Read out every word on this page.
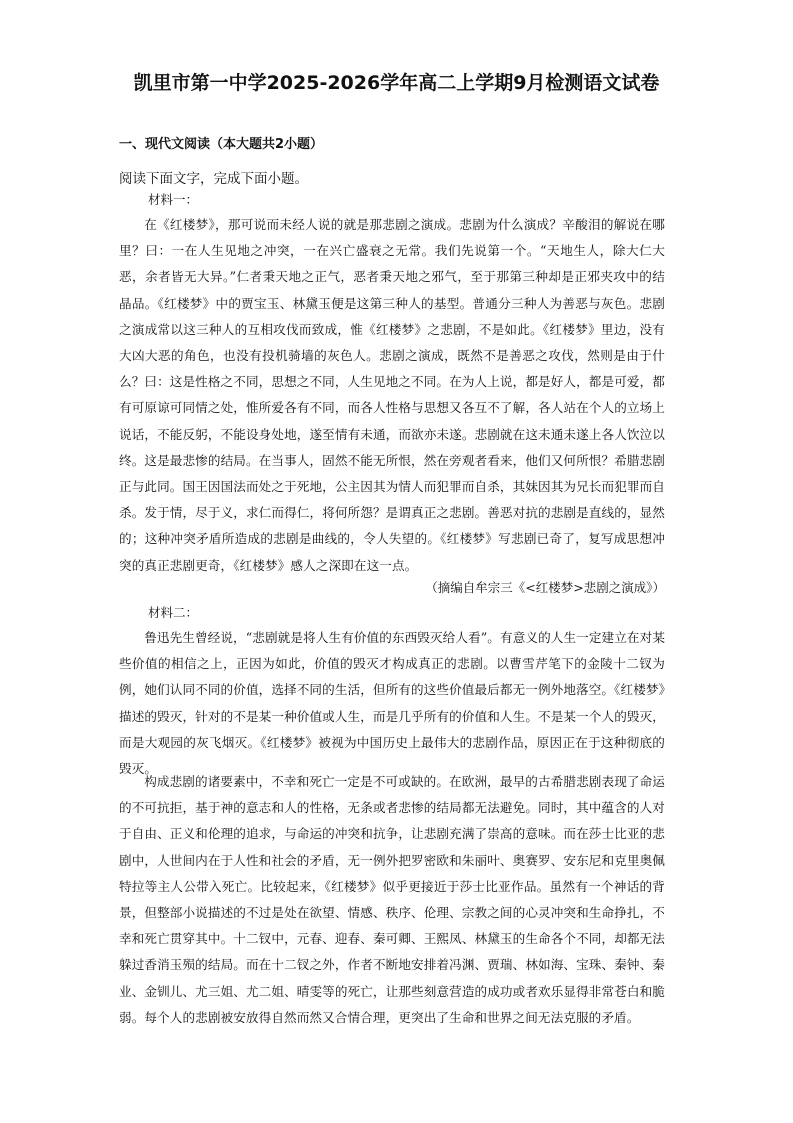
凯里市第一中学2025-2026学年高二上学期9月检测语文试卷
一、现代文阅读（本大题共2小题）

阅读下面文字，完成下面小题。

材料一：

在《红楼梦》，那可说而未经人说的就是那悲剧之演成。悲剧为什么演成？辛酸泪的解说在哪里？曰：一在人生见地之冲突，一在兴亡盛衰之无常。我们先说第一个。“天地生人，除大仁大恶，余者皆无大异。”仁者秉天地之正气，恶者秉天地之邪气，至于那第三种却是正邪夹攻中的结晶品。《红楼梦》中的贾宝玉、林黛玉便是这第三种人的基型。普通分三种人为善恶与灰色。悲剧之演成常以这三种人的互相攻伐而致成，惟《红楼梦》之悲剧，不是如此。《红楼梦》里边，没有大凶大恶的角色，也没有投机骑墙的灰色人。悲剧之演成，既然不是善恶之攻伐，然则是由于什么？曰：这是性格之不同，思想之不同，人生见地之不同。在为人上说，都是好人，都是可爱，都有可原谅可同情之处，惟所爱各有不同，而各人性格与思想又各互不了解，各人站在个人的立场上说话，不能反躬，不能设身处地，遂至情有未通，而欲亦未遂。悲剧就在这未通未遂上各人饮泣以终。这是最悲惨的结局。在当事人，固然不能无所恨，然在旁观者看来，他们又何所恨？希腊悲剧正与此同。国王因国法而处之于死地，公主因其为情人而犯罪而自杀，其妹因其为兄长而犯罪而自杀。发于情，尽于义，求仁而得仁，将何所怨？是谓真正之悲剧。善恶对抗的悲剧是直线的，显然的；这种冲突矛盾所造成的悲剧是曲线的，令人失望的。《红楼梦》写悲剧已奇了，复写成思想冲突的真正悲剧更奇，《红楼梦》感人之深即在这一点。

（摘编自牟宗三《<红楼梦>悲剧之演成》）

材料二：

鲁迅先生曾经说，“悲剧就是将人生有价值的东西毁灭给人看”。有意义的人生一定建立在对某些价值的相信之上，正因为如此，价值的毁灭才构成真正的悲剧。以曹雪芹笔下的金陵十二钗为例，她们认同不同的价值，选择不同的生活，但所有的这些价值最后都无一例外地落空。《红楼梦》描述的毁灭，针对的不是某一种价值或人生，而是几乎所有的价值和人生。不是某一个人的毁灭，而是大观园的灰飞烟灭。《红楼梦》被视为中国历史上最伟大的悲剧作品，原因正在于这种彻底的毁灭。

构成悲剧的诸要素中，不幸和死亡一定是不可或缺的。在欧洲，最早的古希腊悲剧表现了命运的不可抗拒，基于神的意志和人的性格，无条或者悲惨的结局都无法避免。同时，其中蕴含的人对于自由、正义和伦理的追求，与命运的冲突和抗争，让悲剧充满了崇高的意味。而在莎士比亚的悲剧中，人世间内在于人性和社会的矛盾，无一例外把罗密欧和朱丽叶、奥赛罗、安东尼和克里奥佩特拉等主人公带入死亡。比较起来，《红楼梦》似乎更接近于莎士比亚作品。虽然有一个神话的背景，但整部小说描述的不过是处在欲望、情感、秩序、伦理、宗教之间的心灵冲突和生命挣扎，不幸和死亡贯穿其中。十二钗中，元春、迎春、秦可卿、王熙凤、林黛玉的生命各个不同，却都无法躲过香消玉殒的结局。而在十二钗之外，作者不断地安排着冯渊、贾瑞、林如海、宝珠、秦钟、秦业、金钏儿、尤三姐、尤二姐、晴雯等的死亡，让那些刻意营造的成功或者欢乐显得非常苍白和脆弱。每个人的悲剧被安放得自然而然又合情合理，更突出了生命和世界之间无法克服的矛盾。
